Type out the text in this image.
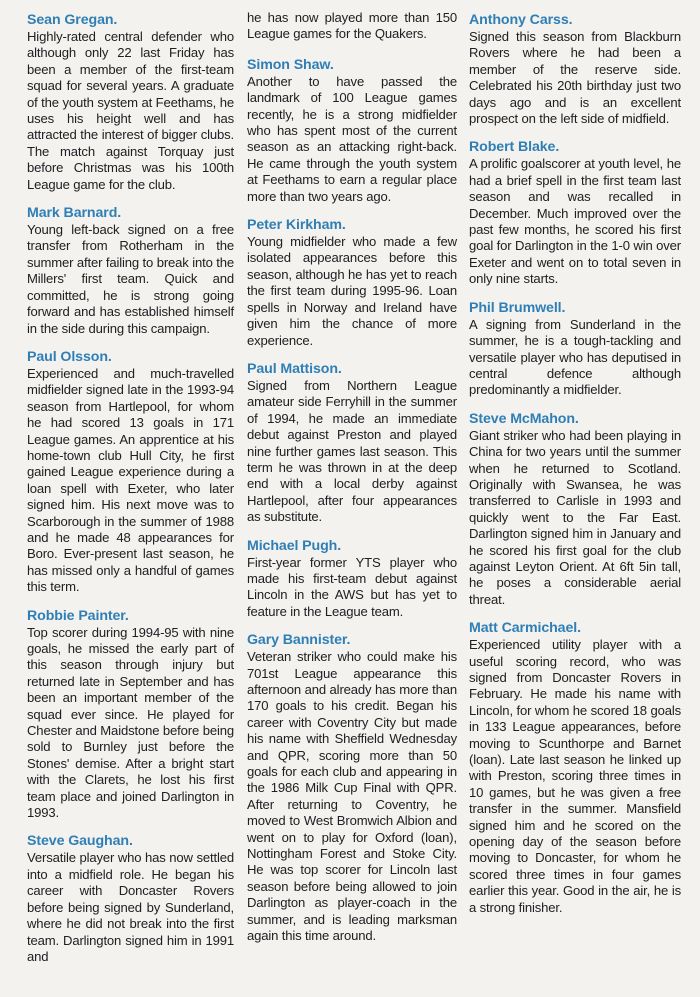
Sean Gregan.

Highly-rated central defender who although only 22 last Friday has been a member of the first-team squad for several years. A graduate of the youth system at Feethams, he uses his height well and has attracted the interest of bigger clubs. The match against Torquay just before Christmas was his 100th League game for the club.

Mark Barnard.

Young left-back signed on a free transfer from Rotherham in the summer after failing to break into the Millers' first team. Quick and committed, he is strong going forward and has established himself in the side during this campaign.

Paul Olsson.

Experienced and much-travelled midfielder signed late in the 1993-94 season from Hartlepool, for whom he had scored 13 goals in 171 League games. An apprentice at his home-town club Hull City, he first gained League experience during a loan spell with Exeter, who later signed him. His next move was to Scarborough in the summer of 1988 and he made 48 appearances for Boro. Ever-present last season, he has missed only a handful of games this term.

Robbie Painter.

Top scorer during 1994-95 with nine goals, he missed the early part of this season through injury but returned late in September and has been an important member of the squad ever since. He played for Chester and Maidstone before being sold to Burnley just before the Stones' demise. After a bright start with the Clarets, he lost his first team place and joined Darlington in 1993.

Steve Gaughan.

Versatile player who has now settled into a midfield role. He began his career with Doncaster Rovers before being signed by Sunderland, where he did not break into the first team. Darlington signed him in 1991 and

he has now played more than 150 League games for the Quakers.

Simon Shaw.

Another to have passed the landmark of 100 League games recently, he is a strong midfielder who has spent most of the current season as an attacking right-back. He came through the youth system at Feethams to earn a regular place more than two years ago.

Peter Kirkham.

Young midfielder who made a few isolated appearances before this season, although he has yet to reach the first team during 1995-96. Loan spells in Norway and Ireland have given him the chance of more experience.

Paul Mattison.

Signed from Northern League amateur side Ferryhill in the summer of 1994, he made an immediate debut against Preston and played nine further games last season. This term he was thrown in at the deep end with a local derby against Hartlepool, after four appearances as substitute.

Michael Pugh.

First-year former YTS player who made his first-team debut against Lincoln in the AWS but has yet to feature in the League team.

Gary Bannister.

Veteran striker who could make his 701st League appearance this afternoon and already has more than 170 goals to his credit. Began his career with Coventry City but made his name with Sheffield Wednesday and QPR, scoring more than 50 goals for each club and appearing in the 1986 Milk Cup Final with QPR. After returning to Coventry, he moved to West Bromwich Albion and went on to play for Oxford (loan), Nottingham Forest and Stoke City. He was top scorer for Lincoln last season before being allowed to join Darlington as player-coach in the summer, and is leading marksman again this time around.

Anthony Carss.

Signed this season from Blackburn Rovers where he had been a member of the reserve side. Celebrated his 20th birthday just two days ago and is an excellent prospect on the left side of midfield.

Robert Blake.

A prolific goalscorer at youth level, he had a brief spell in the first team last season and was recalled in December. Much improved over the past few months, he scored his first goal for Darlington in the 1-0 win over Exeter and went on to total seven in only nine starts.

Phil Brumwell.

A signing from Sunderland in the summer, he is a tough-tackling and versatile player who has deputised in central defence although predominantly a midfielder.

Steve McMahon.

Giant striker who had been playing in China for two years until the summer when he returned to Scotland. Originally with Swansea, he was transferred to Carlisle in 1993 and quickly went to the Far East. Darlington signed him in January and he scored his first goal for the club against Leyton Orient. At 6ft 5in tall, he poses a considerable aerial threat.

Matt Carmichael.

Experienced utility player with a useful scoring record, who was signed from Doncaster Rovers in February. He made his name with Lincoln, for whom he scored 18 goals in 133 League appearances, before moving to Scunthorpe and Barnet (loan). Late last season he linked up with Preston, scoring three times in 10 games, but he was given a free transfer in the summer. Mansfield signed him and he scored on the opening day of the season before moving to Doncaster, for whom he scored three times in four games earlier this year. Good in the air, he is a strong finisher.
